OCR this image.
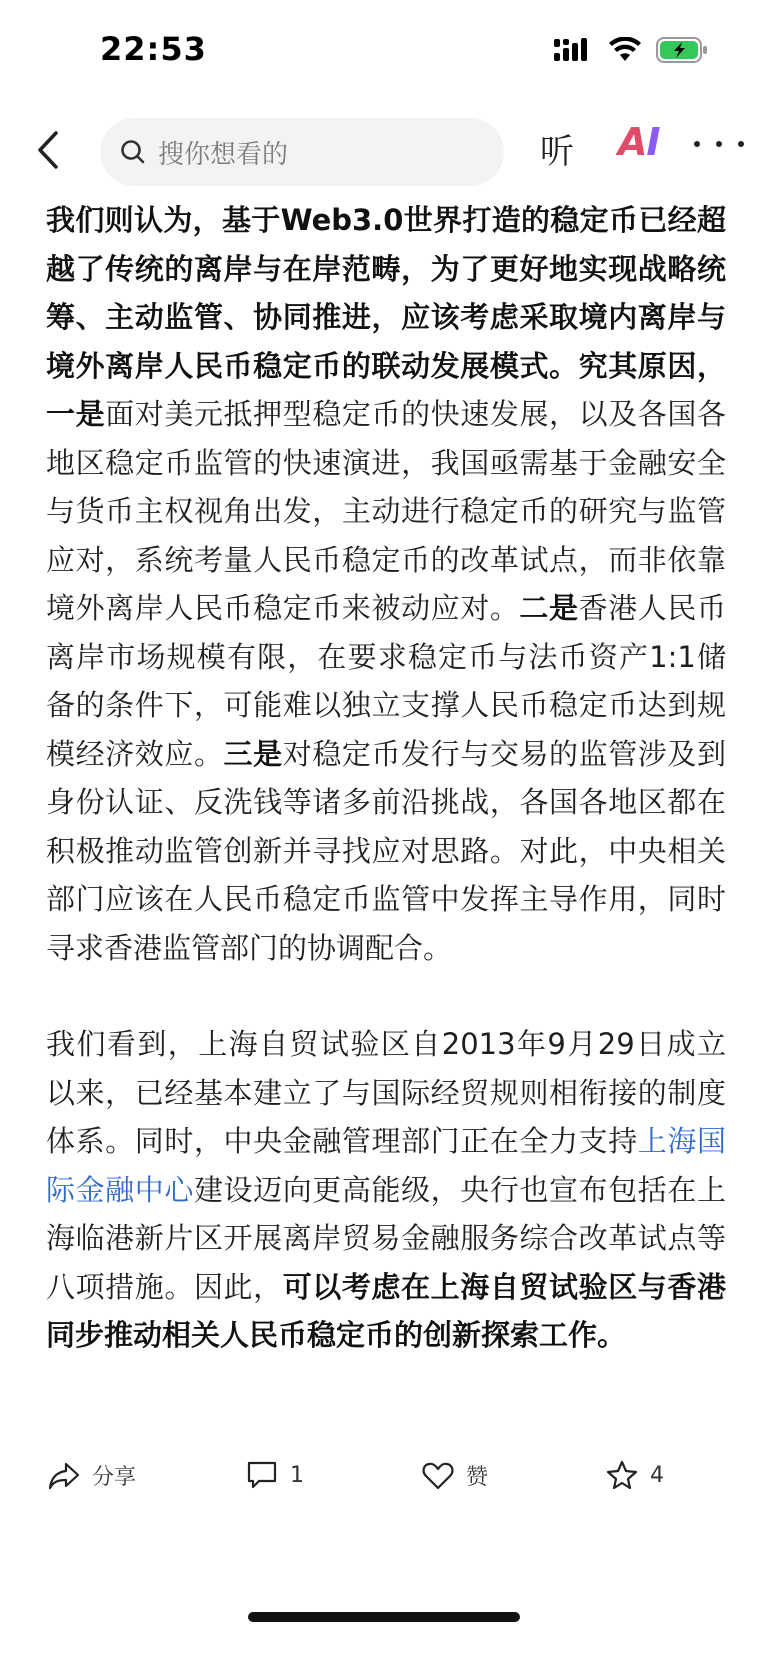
22:53
搜你想看的	听 AI

我们则认为，基于Web3.0世界打造的稳定币已经超越了传统的离岸与在岸范畴，为了更好地实现战略统筹、主动监管、协同推进，应该考虑采取境内离岸与境外离岸人民币稳定币的联动发展模式。究其原因，一是面对美元抵押型稳定币的快速发展，以及各国各地区稳定币监管的快速演进，我国亟需基于金融安全与货币主权视角出发，主动进行稳定币的研究与监管应对，系统考量人民币稳定币的改革试点，而非依靠境外离岸人民币稳定币来被动应对。二是香港人民币离岸市场规模有限，在要求稳定币与法币资产1:1储备的条件下，可能难以独立支撑人民币稳定币达到规模经济效应。三是对稳定币发行与交易的监管涉及到身份认证、反洗钱等诸多前沿挑战，各国各地区都在积极推动监管创新并寻找应对思路。对此，中央相关部门应该在人民币稳定币监管中发挥主导作用，同时寻求香港监管部门的协调配合。

我们看到，上海自贸试验区自2013年9月29日成立以来，已经基本建立了与国际经贸规则相衔接的制度体系。同时，中央金融管理部门正在全力支持上海国际金融中心建设迈向更高能级，央行也宣布包括在上海临港新片区开展离岸贸易金融服务综合改革试点等八项措施。因此，可以考虑在上海自贸试验区与香港同步推动相关人民币稳定币的创新探索工作。

分享	1	赞	4
